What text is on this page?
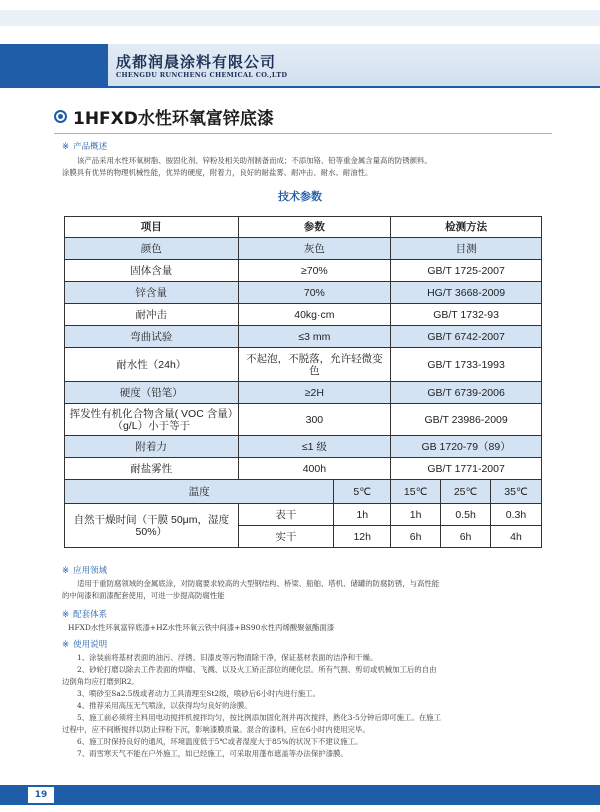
成都润晨涂料有限公司
CHENGDU RUNCHENG CHEMICAL CO.,LTD
1HFXD水性环氧富锌底漆
※ 产品概述

该产品采用水性环氧树脂、胺固化剂、锌粉及相关助剂制备而成；不添加铬、铅等重金属含量高的防锈颜料。

涂膜具有优异的物理机械性能，优异的硬度，附着力，良好的耐盐雾、耐冲击、耐水、耐油性。

技术参数
项目	参数		检测方法		
颜色	灰色		目测		
固体含量	≥70%		GB/T 1725-2007		
锌含量	70%		HG/T 3668-2009		
耐冲击	40kg·cm		GB/T 1732-93		
弯曲试验	≤3 mm		GB/T 6742-2007		
耐水性（24h）	不起泡，不脱落，允许轻微变色		GB/T 1733-1993		
硬度（铅笔）	≥2H		GB/T 6739-2006		
挥发性有机化合物含量( VOC 含量）（g/L）小于等于	300		GB/T 23986-2009		
附着力	≤1 级		GB 1720-79（89）		
耐盐雾性	400h		GB/T 1771-2007		
温度		5℃	15℃	25℃	35℃
自然干燥时间（干膜 50μm，湿度 50%）	表干	1h	1h	0.5h	0.3h
	实干	12h	6h	6h	4h
※ 应用领域

适用于重防腐领域的金属底涂，对防腐要求较高的大型钢结构、桥梁、船舶、塔机、储罐的防腐防锈，与高性能

的中间漆和面漆配套使用，可进一步提高防腐性能

※ 配套体系

HFXD水性环氧富锌底漆+HZ水性环氧云铁中间漆+BS90水性丙烯酸聚氨酯面漆

※ 使用说明

1、涂装前将基材表面的油污、浮锈、旧漆皮等污物清除干净，保证基材表面的洁净和干燥。

2、砂轮打磨以除去工件表面的焊瘤、飞溅、以及火工矫正部位的硬化层。所有气割、剪切或机械加工后的自由

边倒角均应打磨到R2。

3、喷砂至Sa2.5级或者动力工具清理至St2级，喷砂后6小时内进行施工。

4、推荐采用高压无气喷涂，以获得均匀良好的涂膜。

5、施工前必须将主料用电动搅拌机搅拌均匀，按比例添加固化剂并再次搅拌，熟化3-5分钟后即可施工。在施工

过程中，应不间断搅拌以防止锌粉下沉，影响漆膜质量。混合的漆料，应在6小时内使用完毕。

6、施工时保持良好的通风，环境温度低于5℃或者湿度大于85%的状况下不建议施工。

7、雨雪寒天气不能在户外施工，如已经施工，可采取用蓬布遮盖等办法保护漆膜。

19
